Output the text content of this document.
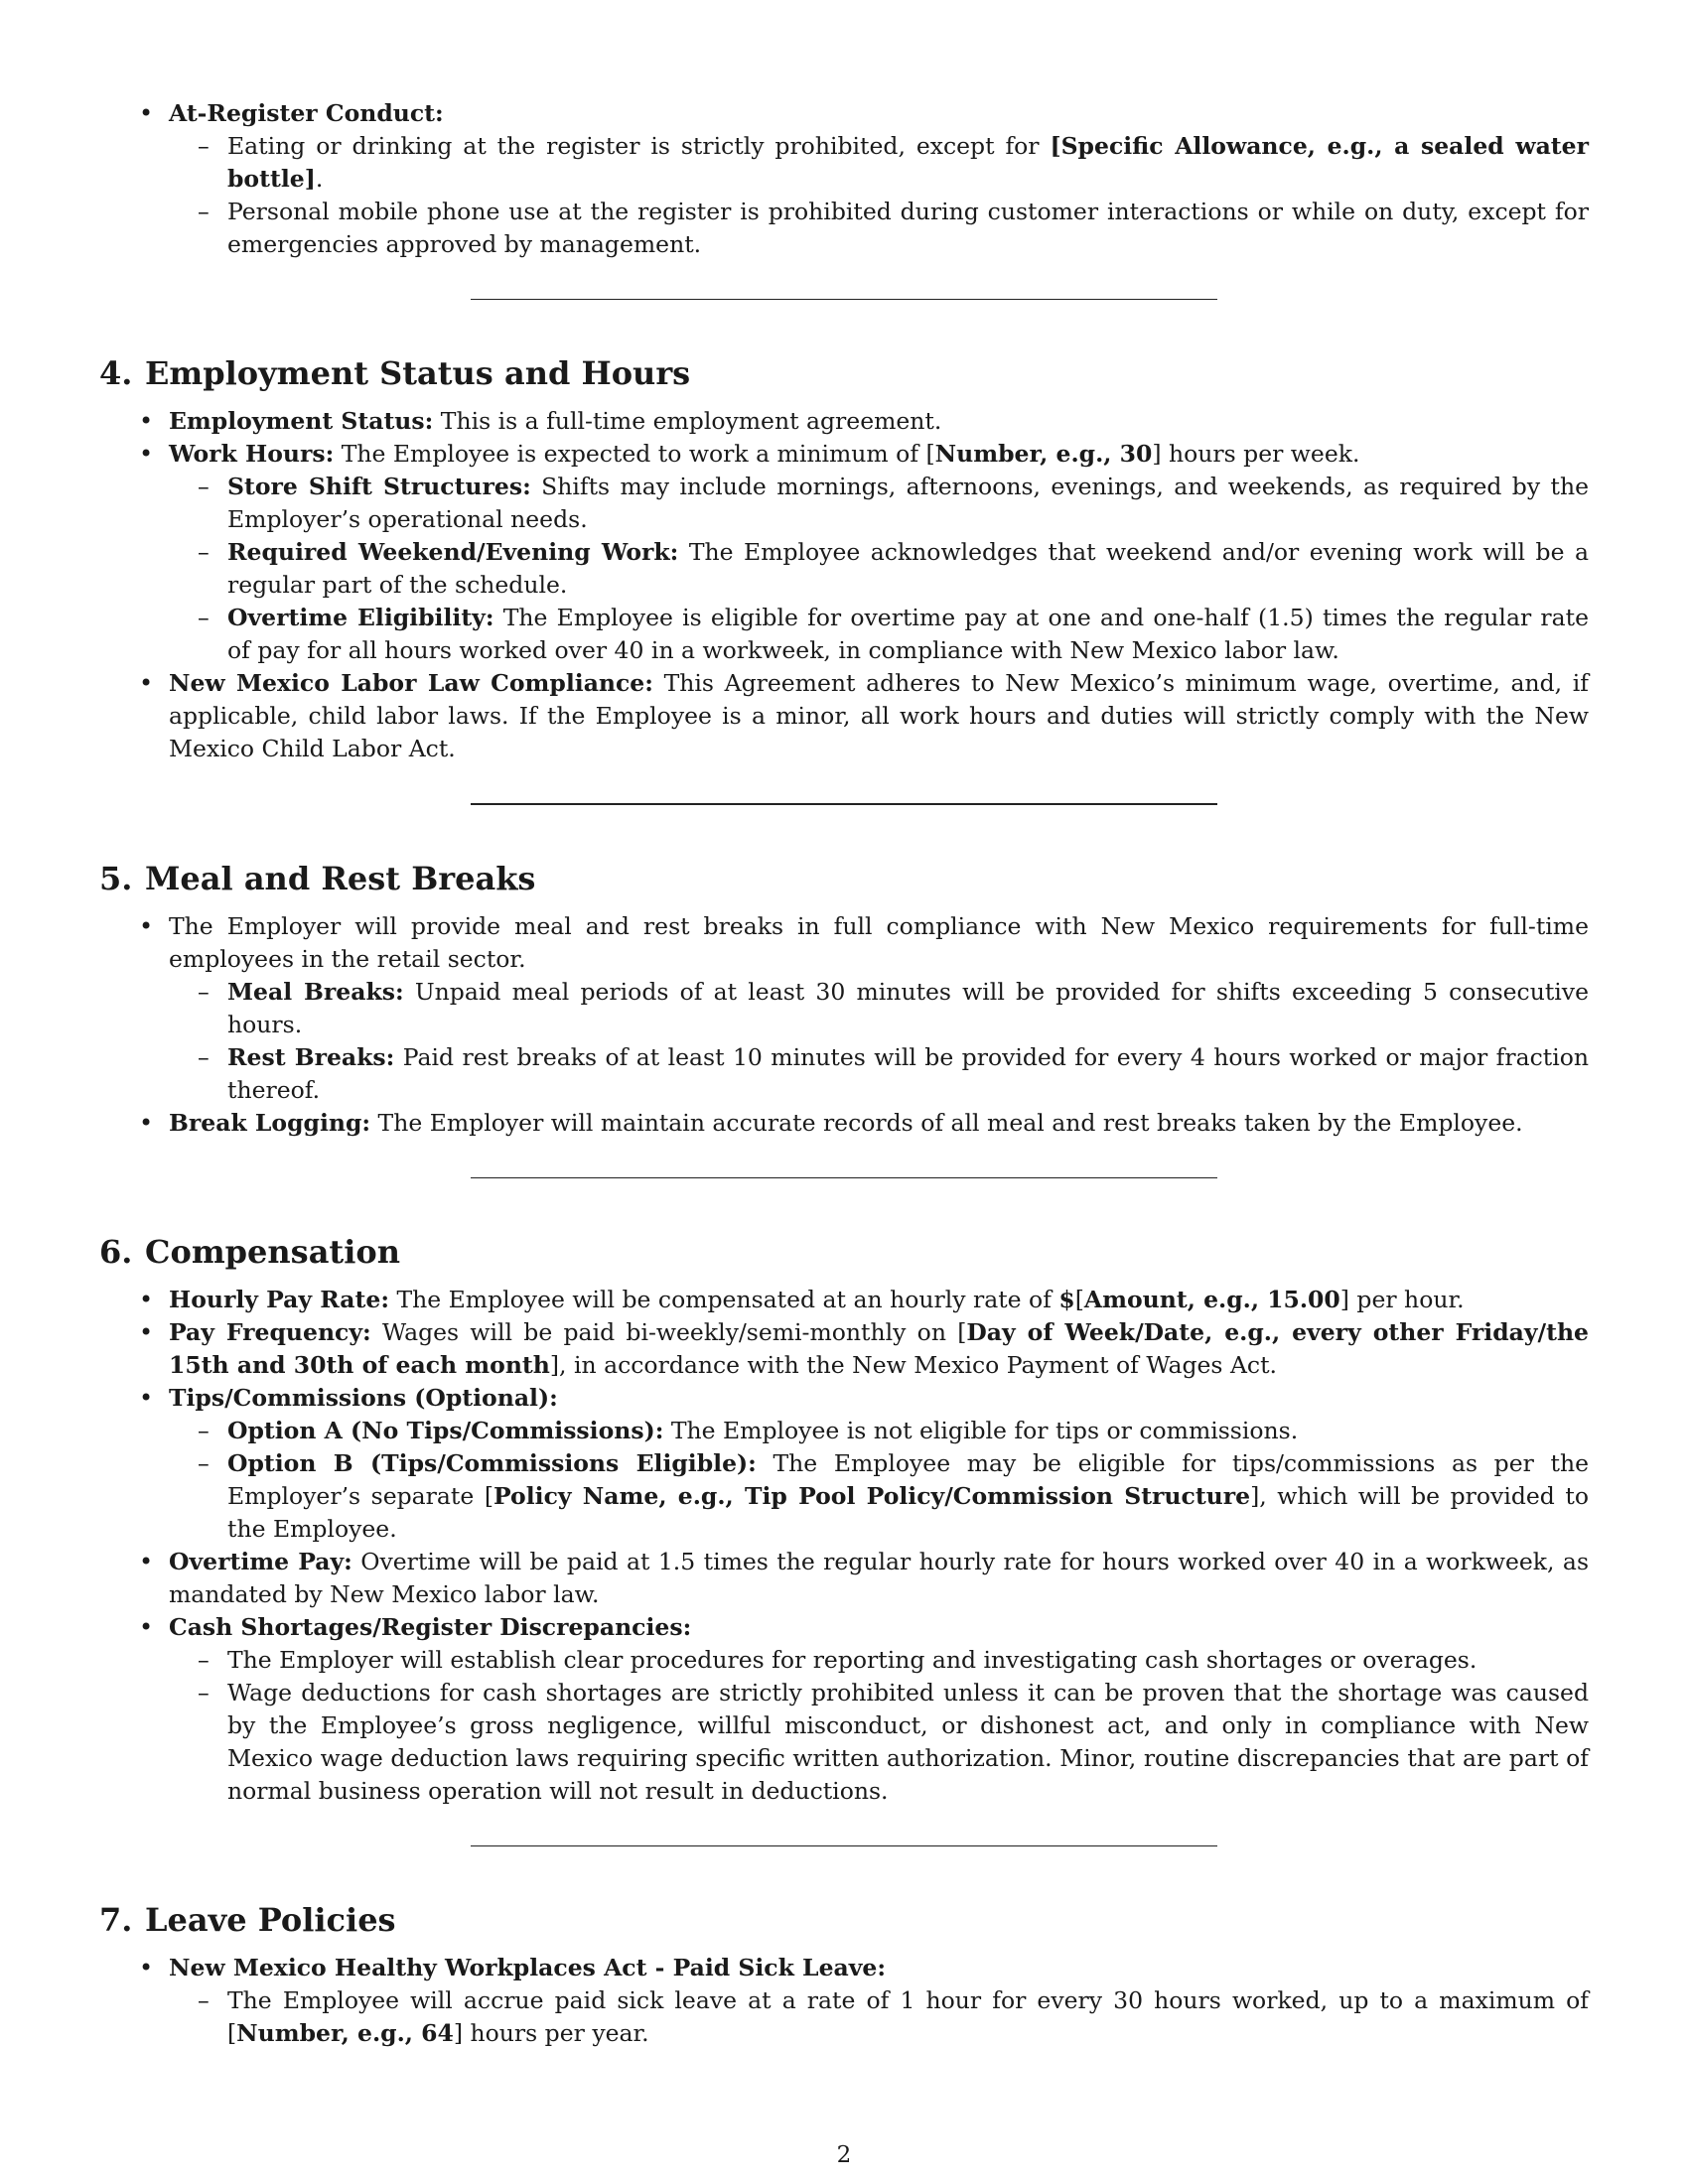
• At-Register Conduct:
– Eating or drinking at the register is strictly prohibited, except for [Specific Allowance, e.g., a sealed water bottle].
– Personal mobile phone use at the register is prohibited during customer interactions or while on duty, except for emergencies approved by management.
4. Employment Status and Hours
• Employment Status: This is a full-time employment agreement.
• Work Hours: The Employee is expected to work a minimum of [Number, e.g., 30] hours per week.
– Store Shift Structures: Shifts may include mornings, afternoons, evenings, and weekends, as required by the Employer’s operational needs.
– Required Weekend/Evening Work: The Employee acknowledges that weekend and/or evening work will be a regular part of the schedule.
– Overtime Eligibility: The Employee is eligible for overtime pay at one and one-half (1.5) times the regular rate of pay for all hours worked over 40 in a workweek, in compliance with New Mexico labor law.
• New Mexico Labor Law Compliance: This Agreement adheres to New Mexico’s minimum wage, overtime, and, if applicable, child labor laws. If the Employee is a minor, all work hours and duties will strictly comply with the New Mexico Child Labor Act.
5. Meal and Rest Breaks
• The Employer will provide meal and rest breaks in full compliance with New Mexico requirements for full-time employees in the retail sector.
– Meal Breaks: Unpaid meal periods of at least 30 minutes will be provided for shifts exceeding 5 consecutive hours.
– Rest Breaks: Paid rest breaks of at least 10 minutes will be provided for every 4 hours worked or major fraction thereof.
• Break Logging: The Employer will maintain accurate records of all meal and rest breaks taken by the Employee.
6. Compensation
• Hourly Pay Rate: The Employee will be compensated at an hourly rate of $[Amount, e.g., 15.00] per hour.
• Pay Frequency: Wages will be paid bi-weekly/semi-monthly on [Day of Week/Date, e.g., every other Friday/the 15th and 30th of each month], in accordance with the New Mexico Payment of Wages Act.
• Tips/Commissions (Optional):
– Option A (No Tips/Commissions): The Employee is not eligible for tips or commissions.
– Option B (Tips/Commissions Eligible): The Employee may be eligible for tips/commissions as per the Employer’s separate [Policy Name, e.g., Tip Pool Policy/Commission Structure], which will be provided to the Employee.
• Overtime Pay: Overtime will be paid at 1.5 times the regular hourly rate for hours worked over 40 in a workweek, as mandated by New Mexico labor law.
• Cash Shortages/Register Discrepancies:
– The Employer will establish clear procedures for reporting and investigating cash shortages or overages.
– Wage deductions for cash shortages are strictly prohibited unless it can be proven that the shortage was caused by the Employee’s gross negligence, willful misconduct, or dishonest act, and only in compliance with New Mexico wage deduction laws requiring specific written authorization. Minor, routine discrepancies that are part of normal business operation will not result in deductions.
7. Leave Policies
• New Mexico Healthy Workplaces Act - Paid Sick Leave:
– The Employee will accrue paid sick leave at a rate of 1 hour for every 30 hours worked, up to a maximum of [Number, e.g., 64] hours per year.
2
